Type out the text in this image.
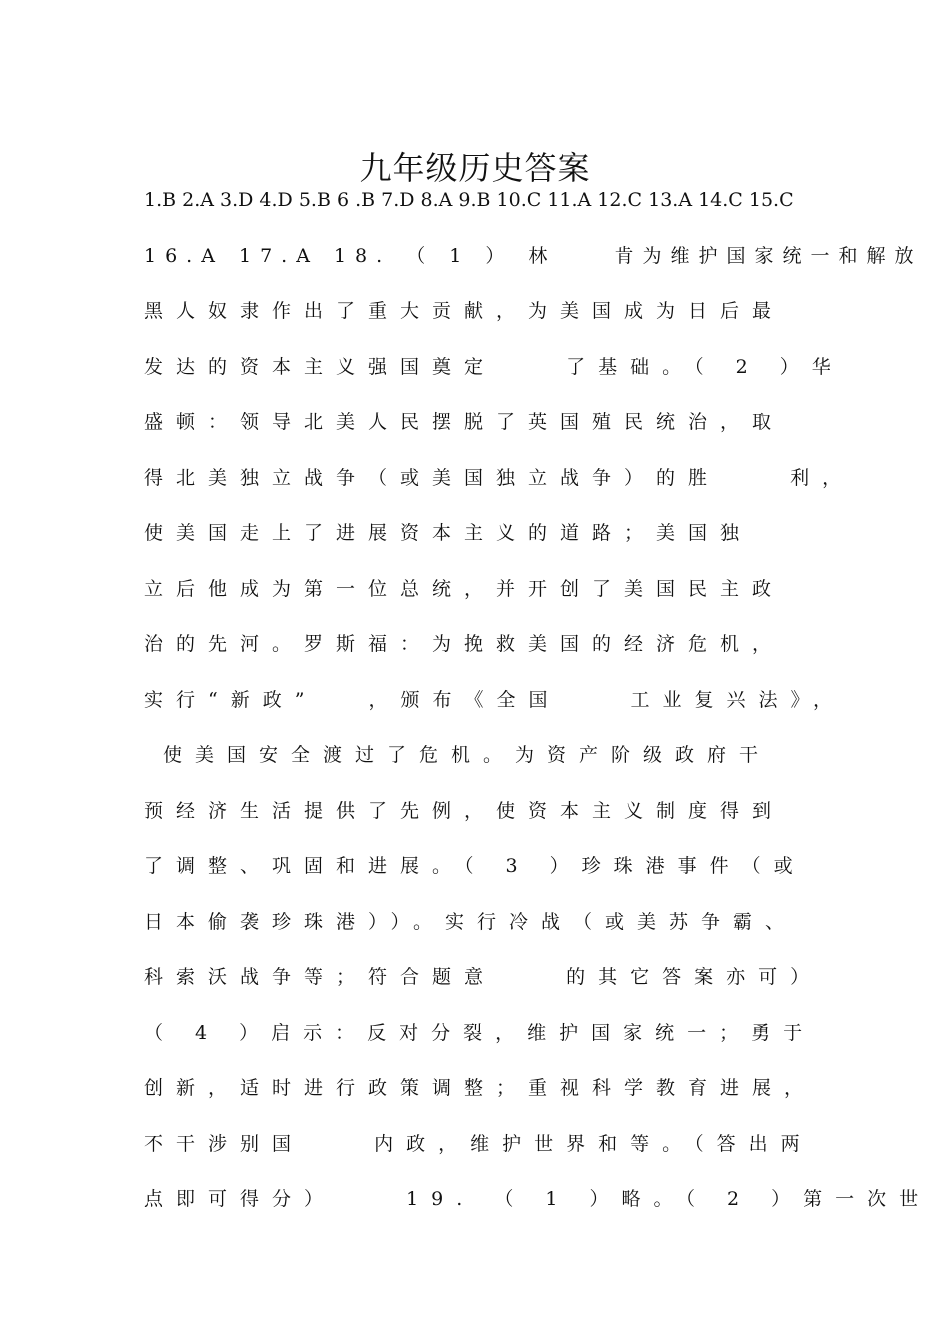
九年级历史答案
1.B 2.A 3.D 4.D 5.B 6 .B 7.D 8.A 9.B 10.C 11.A 12.C 13.A 14.C 15.C
16.A 17.A 18. （ 1 ） 林 　 肯为维护国家统一和解放
黑人奴隶作出了重大贡献，为美国成为日后最
发达的资本主义强国奠定 　 了基础。（ 2 ）华
盛顿：领导北美人民摆脱了英国殖民统治，取
得北美独立战争（或美国独立战争）的胜 　 利，
使美国走上了进展资本主义的道路；美国独
立后他成为第一位总统，并开创了美国民主政
治的先河。罗斯福：为挽救美国的经济危机，
实行“新政” 　，颁布《全国 　 工业复兴法》，
使美国安全渡过了危机。为资产阶级政府干
预经济生活提供了先例，使资本主义制度得到
了调整、巩固和进展。（ 3 ）珍珠港事件（或
日本偷袭珍珠港））。实行冷战（或美苏争霸、
科索沃战争等；符合题意 　 的其它答案亦可）
（ 4 ）启示：反对分裂，维护国家统一；勇于
创新，适时进行政策调整；重视科学教育进展，
不干涉别国 　 内政，维护世界和等。（答出两
点即可得分） 　 19. （ 1 ）略。（ 2 ）第一次世
